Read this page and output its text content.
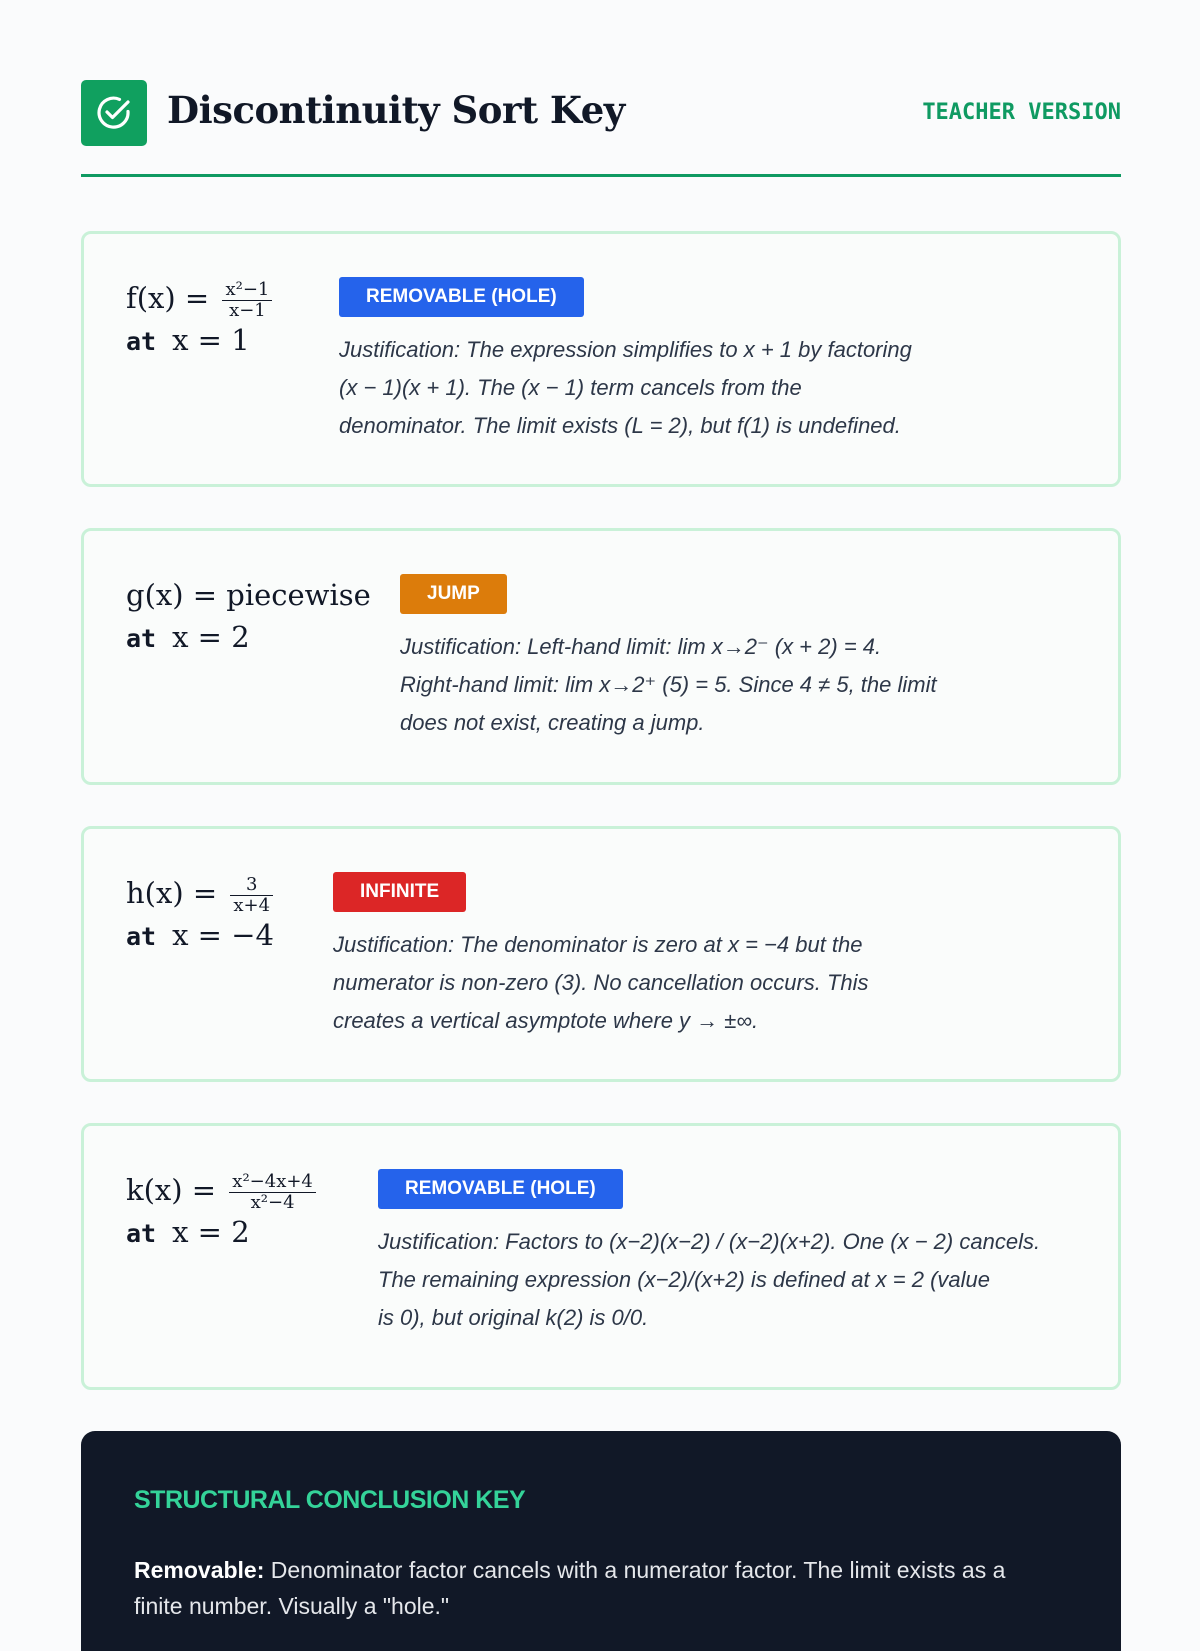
Discontinuity Sort Key	TEACHER VERSION
$f(x) = \frac{\text{x²−1}}{x-1}$
at x = 1
REMOVABLE (HOLE)
Justification: The expression simplifies to x + 1 by factoring
(x − 1)(x + 1). The (x − 1) term cancels from the
denominator. The limit exists (L = 2), but f(1) is undefined.
g(x) = piecewise
at x = 2
JUMP
Justification: Left-hand limit: lim x→2⁻ (x + 2) = 4.
Right-hand limit: lim x→2⁺ (5) = 5. Since 4 ≠ 5, the limit
does not exist, creating a jump.
$h(x) = \frac{3}{x+4}$
at x = −4
INFINITE
Justification: The denominator is zero at x = −4 but the
numerator is non-zero (3). No cancellation occurs. This
creates a vertical asymptote where y → ±∞.
$k(x) = \frac{\text{x²−4x+4}}{\text{x²−4}}$
at x = 2
REMOVABLE (HOLE)
Justification: Factors to (x−2)(x−2) / (x−2)(x+2). One (x − 2) cancels.
The remaining expression (x−2)/(x+2) is defined at x = 2 (value
is 0), but original k(2) is 0/0.
STRUCTURAL CONCLUSION KEY
Removable: Denominator factor cancels with a numerator factor. The limit exists as a finite number. Visually a "hole."
